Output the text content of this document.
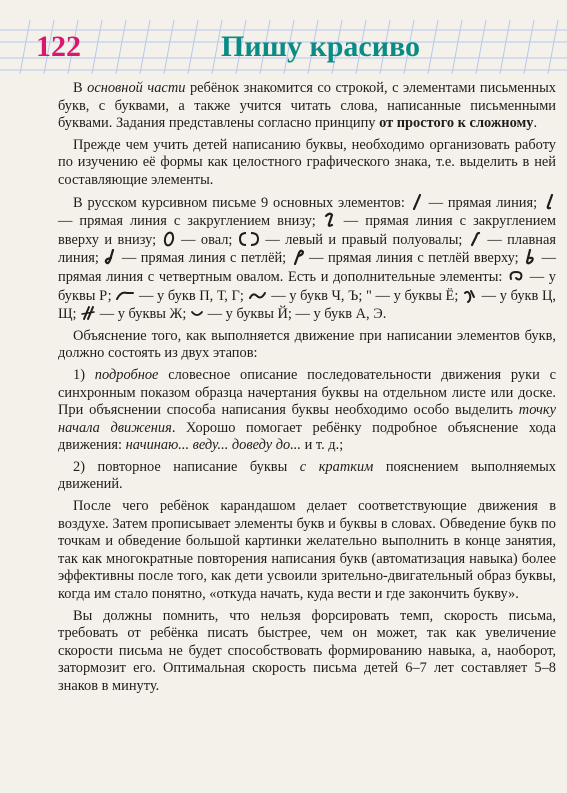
122	Пишу красиво

В основной части ребёнок знакомится со строкой, с элементами письменных букв, с буквами, а также учится читать слова, написанные письменными буквами. Задания представлены согласно принципу от простого к сложному.

Прежде чем учить детей написанию буквы, необходимо организовать работу по изучению её формы как целостного графического знака, т.е. выделить в ней составляющие элементы.

В русском курсивном письме 9 основных элементов: — прямая линия;
— прямая линия с закруглением внизу; — прямая линия с закруглением вверху и внизу; — овал; — левый и правый полуовалы; — плавная линия; — прямая линия с петлёй; — прямая линия с петлёй вверху; — прямая линия с четвертным овалом. Есть и дополнительные элементы: — у буквы Р; — у букв П, Т, Г; — у букв Ч, Ъ; " — у буквы Ё; — у букв Ц, Щ; — у буквы Ж; — у буквы Й; — у букв А, Э.

Объяснение того, как выполняется движение при написании элементов букв, должно состоять из двух этапов:

1) подробное словесное описание последовательности движения руки с синхронным показом образца начертания буквы на отдельном листе или доске. При объяснении способа написания буквы необходимо особо выделить точку начала движения. Хорошо помогает ребёнку подробное объяснение хода движения: начинаю... веду... доведу до... и т. д.;

2) повторное написание буквы с кратким пояснением выполняемых движений.

После чего ребёнок карандашом делает соответствующие движения в воздухе. Затем прописывает элементы букв и буквы в словах. Обведение букв по точкам и обведение большой картинки желательно выполнить в конце занятия, так как многократные повторения написания букв (автоматизация навыка) более эффективны после того, как дети усвоили зрительно-двигательный образ буквы, когда им стало понятно, «откуда начать, куда вести и где закончить букву».

Вы должны помнить, что нельзя форсировать темп, скорость письма, требовать от ребёнка писать быстрее, чем он может, так как увеличение скорости письма не будет способствовать формированию навыка, а, наоборот, затормозит его. Оптимальная скорость письма детей 6–7 лет составляет 5–8 знаков в минуту.
